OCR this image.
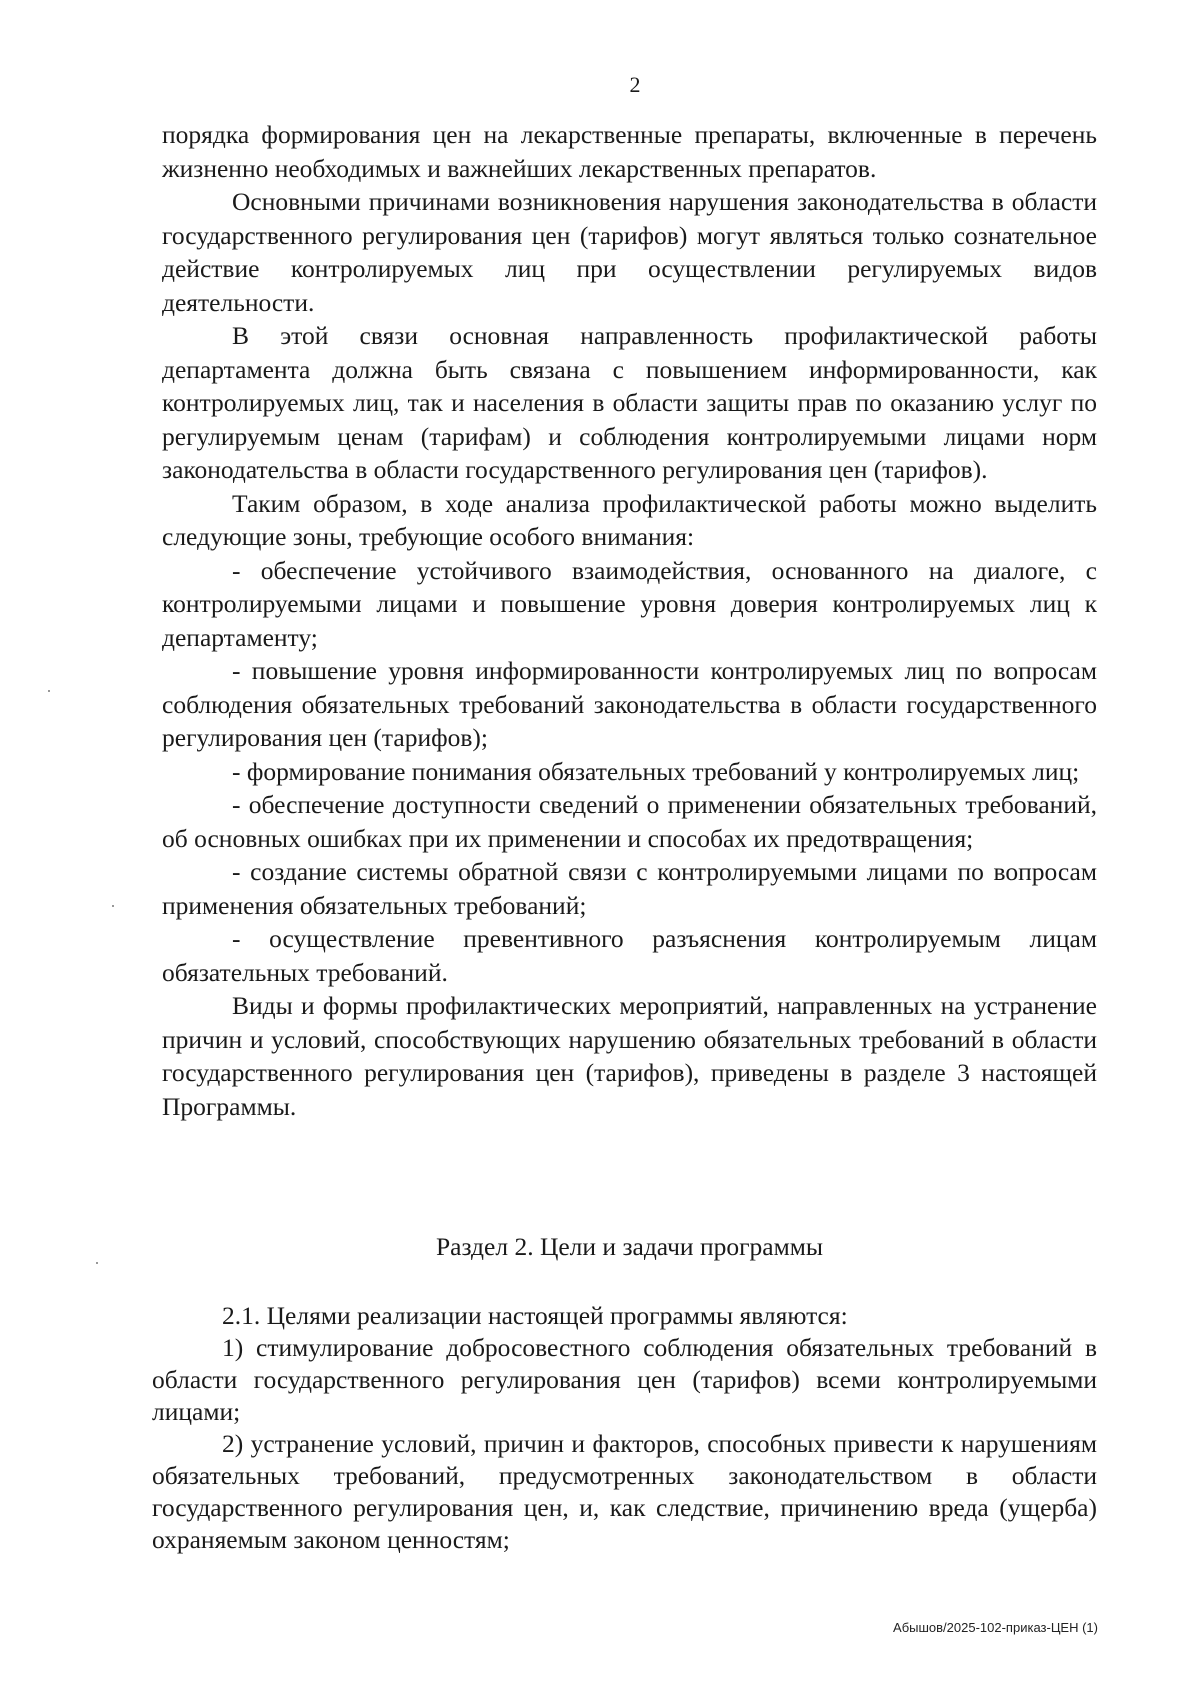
2

порядка формирования цен на лекарственные препараты, включенные в перечень жизненно необходимых и важнейших лекарственных препаратов.

Основными причинами возникновения нарушения законодательства в области государственного регулирования цен (тарифов) могут являться только сознательное действие контролируемых лиц при осуществлении регулируемых видов деятельности.

В этой связи основная направленность профилактической работы департамента должна быть связана с повышением информированности, как контролируемых лиц, так и населения в области защиты прав по оказанию услуг по регулируемым ценам (тарифам) и соблюдения контролируемыми лицами норм законодательства в области государственного регулирования цен (тарифов).

Таким образом, в ходе анализа профилактической работы можно выделить следующие зоны, требующие особого внимания:

- обеспечение устойчивого взаимодействия, основанного на диалоге, с контролируемыми лицами и повышение уровня доверия контролируемых лиц к департаменту;

- повышение уровня информированности контролируемых лиц по вопросам соблюдения обязательных требований законодательства в области государственного регулирования цен (тарифов);

- формирование понимания обязательных требований у контролируемых лиц;

- обеспечение доступности сведений о применении обязательных требований, об основных ошибках при их применении и способах их предотвращения;

- создание системы обратной связи с контролируемыми лицами по вопросам применения обязательных требований;

- осуществление превентивного разъяснения контролируемым лицам обязательных требований.

Виды и формы профилактических мероприятий, направленных на устранение причин и условий, способствующих нарушению обязательных требований в области государственного регулирования цен (тарифов), приведены в разделе 3 настоящей Программы.

Раздел 2. Цели и задачи программы

2.1. Целями реализации настоящей программы являются:

1) стимулирование добросовестного соблюдения обязательных требований в области государственного регулирования цен (тарифов) всеми контролируемыми лицами;

2) устранение условий, причин и факторов, способных привести к нарушениям обязательных требований, предусмотренных законодательством в области государственного регулирования цен, и, как следствие, причинению вреда (ущерба) охраняемым законом ценностям;

Абышов/2025-102-приказ-ЦЕН (1)
